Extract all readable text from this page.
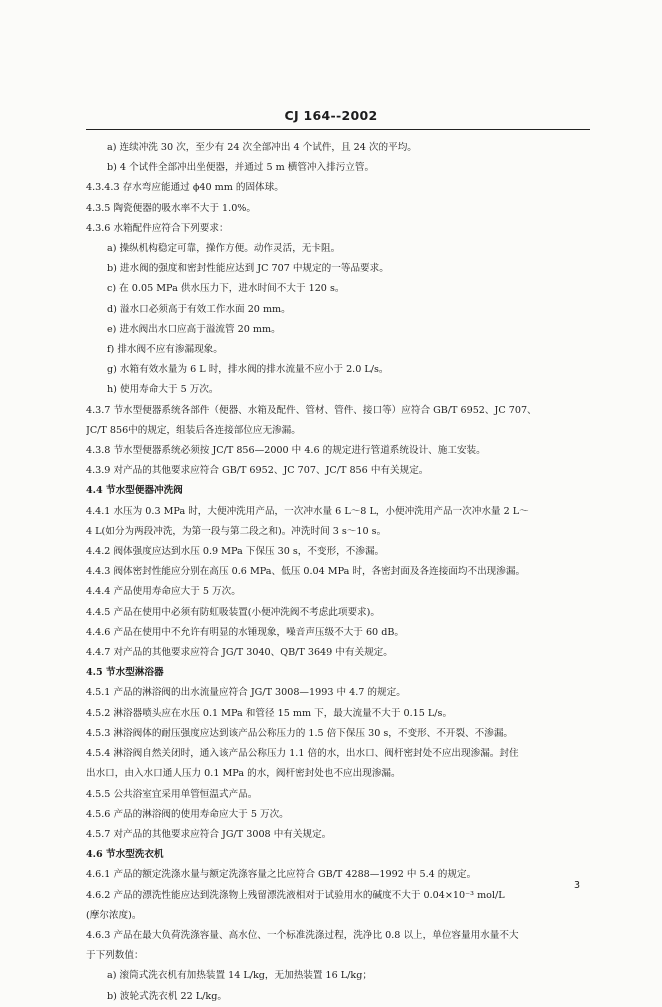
CJ 164--2002
a) 连续冲洗 30 次，至少有 24 次全部冲出 4 个试件，且 24 次的平均。
b) 4 个试件全部冲出坐便器，并通过 5 m 横管冲入排污立管。
4.3.4.3 存水弯应能通过 ϕ40 mm 的固体球。
4.3.5 陶瓷便器的吸水率不大于 1.0%。
4.3.6 水箱配件应符合下列要求：
a) 操纵机构稳定可靠，操作方便。动作灵活，无卡阻。
b) 进水阀的强度和密封性能应达到 JC 707 中规定的一等品要求。
c) 在 0.05 MPa 供水压力下，进水时间不大于 120 s。
d) 溢水口必须高于有效工作水面 20 mm。
e) 进水阀出水口应高于溢流管 20 mm。
f) 排水阀不应有渗漏现象。
g) 水箱有效水量为 6 L 时，排水阀的排水流量不应小于 2.0 L/s。
h) 使用寿命大于 5 万次。
4.3.7 节水型便器系统各部件（便器、水箱及配件、管材、管件、接口等）应符合 GB/T 6952、JC 707、
JC/T 856中的规定，组装后各连接部位应无渗漏。
4.3.8 节水型便器系统必须按 JC/T 856—2000 中 4.6 的规定进行管道系统设计、施工安装。
4.3.9 对产品的其他要求应符合 GB/T 6952、JC 707、JC/T 856 中有关规定。
4.4 节水型便器冲洗阀
4.4.1 水压为 0.3 MPa 时，大便冲洗用产品，一次冲水量 6 L～8 L，小便冲洗用产品一次冲水量 2 L～
4 L(如分为两段冲洗，为第一段与第二段之和)。冲洗时间 3 s～10 s。
4.4.2 阀体强度应达到水压 0.9 MPa 下保压 30 s，不变形，不渗漏。
4.4.3 阀体密封性能应分别在高压 0.6 MPa、低压 0.04 MPa 时，各密封面及各连接面均不出现渗漏。
4.4.4 产品使用寿命应大于 5 万次。
4.4.5 产品在使用中必须有防虹吸装置(小便冲洗阀不考虑此项要求)。
4.4.6 产品在使用中不允许有明显的水锤现象，噪音声压级不大于 60 dB。
4.4.7 对产品的其他要求应符合 JG/T 3040、QB/T 3649 中有关规定。
4.5 节水型淋浴器
4.5.1 产品的淋浴阀的出水流量应符合 JG/T 3008—1993 中 4.7 的规定。
4.5.2 淋浴器喷头应在水压 0.1 MPa 和管径 15 mm 下，最大流量不大于 0.15 L/s。
4.5.3 淋浴阀体的耐压强度应达到该产品公称压力的 1.5 倍下保压 30 s，不变形、不开裂、不渗漏。
4.5.4 淋浴阀自然关闭时，通入该产品公称压力 1.1 倍的水，出水口、阀杆密封处不应出现渗漏。封住
出水口，由入水口通人压力 0.1 MPa 的水，阀杆密封处也不应出现渗漏。
4.5.5 公共浴室宜采用单管恒温式产品。
4.5.6 产品的淋浴阀的使用寿命应大于 5 万次。
4.5.7 对产品的其他要求应符合 JG/T 3008 中有关规定。
4.6 节水型洗衣机
4.6.1 产品的额定洗涤水量与额定洗涤容量之比应符合 GB/T 4288—1992 中 5.4 的规定。
4.6.2 产品的漂洗性能应达到洗涤物上残留漂洗液相对于试验用水的碱度不大于 0.04×10⁻³ mol/L
(摩尔浓度)。
4.6.3 产品在最大负荷洗涤容量、高水位、一个标准洗涤过程，洗净比 0.8 以上，单位容量用水量不大
于下列数值：
a) 滚筒式洗衣机有加热装置 14 L/kg，无加热装置 16 L/kg；
b) 波轮式洗衣机 22 L/kg。
3
